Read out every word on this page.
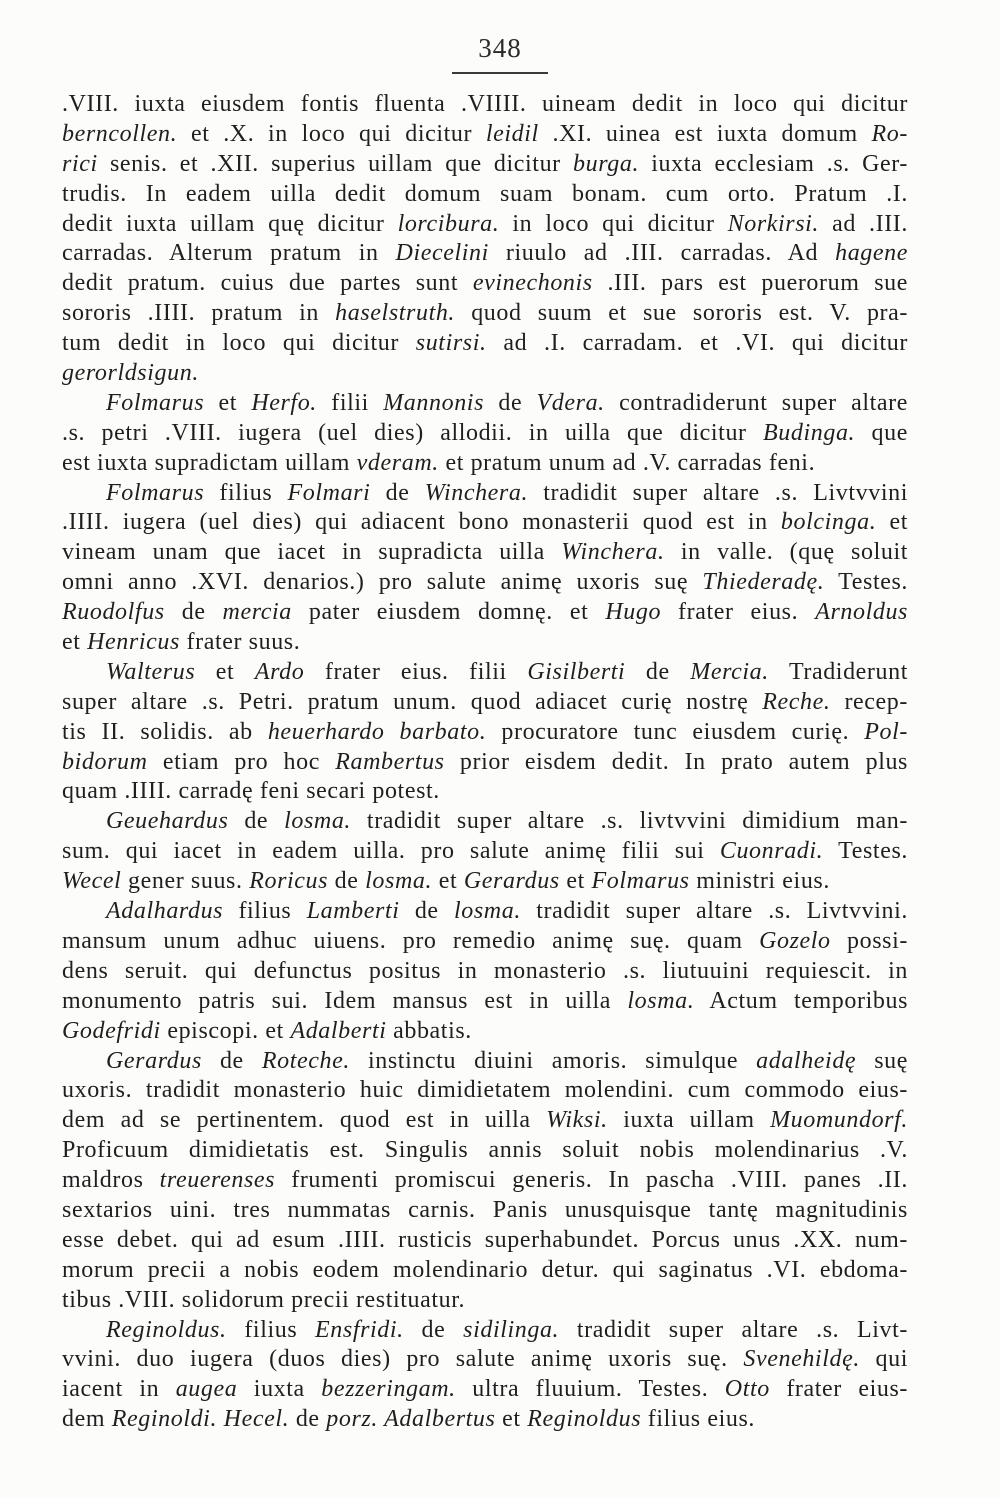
348
.VIII. iuxta eiusdem fontis fluenta .VIIII. uineam dedit in loco qui dicitur
berncollen. et .X. in loco qui dicitur leidil .XI. uinea est iuxta domum Ro-
rici senis. et .XII. superius uillam que dicitur burga. iuxta ecclesiam .s. Ger-
trudis. In eadem uilla dedit domum suam bonam. cum orto. Pratum .I.
dedit iuxta uillam quę dicitur lorcibura. in loco qui dicitur Norkirsi. ad .III.
carradas. Alterum pratum in Diecelini riuulo ad .III. carradas. Ad hagene
dedit pratum. cuius due partes sunt evinechonis .III. pars est puerorum sue
sororis .IIII. pratum in haselstruth. quod suum et sue sororis est. V. pra-
tum dedit in loco qui dicitur sutirsi. ad .I. carradam. et .VI. qui dicitur
gerorldsigun.
Folmarus et Herfo. filii Mannonis de Vdera. contradiderunt super altare
.s. petri .VIII. iugera (uel dies) allodii. in uilla que dicitur Budinga. que
est iuxta supradictam uillam vderam. et pratum unum ad .V. carradas feni.
Folmarus filius Folmari de Winchera. tradidit super altare .s. Livtvvini
.IIII. iugera (uel dies) qui adiacent bono monasterii quod est in bolcinga. et
vineam unam que iacet in supradicta uilla Winchera. in valle. (quę soluit
omni anno .XVI. denarios.) pro salute animę uxoris suę Thiederadę. Testes.
Ruodolfus de mercia pater eiusdem domnę. et Hugo frater eius. Arnoldus
et Henricus frater suus.
Walterus et Ardo frater eius. filii Gisilberti de Mercia. Tradiderunt
super altare .s. Petri. pratum unum. quod adiacet curię nostrę Reche. recep-
tis II. solidis. ab heuerhardo barbato. procuratore tunc eiusdem curię. Pol-
bidorum etiam pro hoc Rambertus prior eisdem dedit. In prato autem plus
quam .IIII. carradę feni secari potest.
Geuehardus de losma. tradidit super altare .s. livtvvini dimidium man-
sum. qui iacet in eadem uilla. pro salute animę filii sui Cuonradi. Testes.
Wecel gener suus. Roricus de losma. et Gerardus et Folmarus ministri eius.
Adalhardus filius Lamberti de losma. tradidit super altare .s. Livtvvini.
mansum unum adhuc uiuens. pro remedio animę suę. quam Gozelo possi-
dens seruit. qui defunctus positus in monasterio .s. liutuuini requiescit. in
monumento patris sui. Idem mansus est in uilla losma. Actum temporibus
Godefridi episcopi. et Adalberti abbatis.
Gerardus de Roteche. instinctu diuini amoris. simulque adalheidę suę
uxoris. tradidit monasterio huic dimidietatem molendini. cum commodo eius-
dem ad se pertinentem. quod est in uilla Wiksi. iuxta uillam Muomundorf.
Proficuum dimidietatis est. Singulis annis soluit nobis molendinarius .V.
maldros treuerenses frumenti promiscui generis. In pascha .VIII. panes .II.
sextarios uini. tres nummatas carnis. Panis unusquisque tantę magnitudinis
esse debet. qui ad esum .IIII. rusticis superhabundet. Porcus unus .XX. num-
morum precii a nobis eodem molendinario detur. qui saginatus .VI. ebdoma-
tibus .VIII. solidorum precii restituatur.
Reginoldus. filius Ensfridi. de sidilinga. tradidit super altare .s. Livt-
vvini. duo iugera (duos dies) pro salute animę uxoris suę. Svenehildę. qui
iacent in augea iuxta bezzeringam. ultra fluuium. Testes. Otto frater eius-
dem Reginoldi. Hecel. de porz. Adalbertus et Reginoldus filius eius.
